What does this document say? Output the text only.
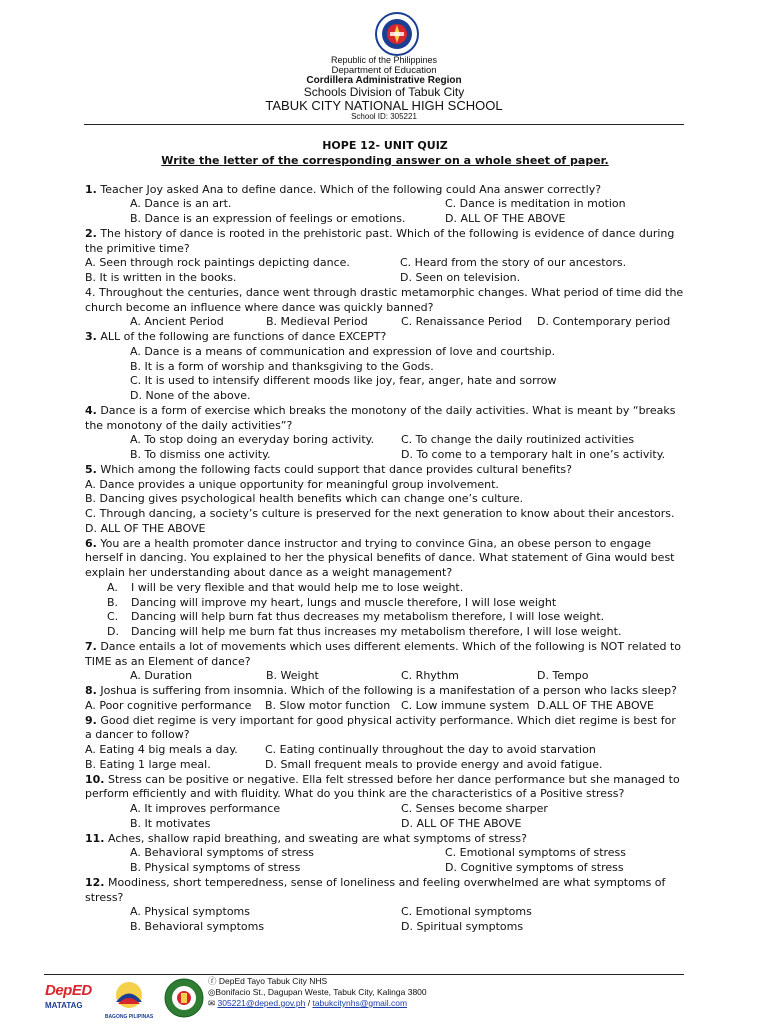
Republic of the Philippines
Department of Education
Cordillera Administrative Region
Schools Division of Tabuk City
TABUK CITY NATIONAL HIGH SCHOOL
School ID: 305221

HOPE 12- UNIT QUIZ

Write the letter of the corresponding answer on a whole sheet of paper.

1. Teacher Joy asked Ana to define dance. Which of the following could Ana answer correctly?

A. Dance is an art.	C. Dance is meditation in motion
B. Dance is an expression of feelings or emotions.	D. ALL OF THE ABOVE

2. The history of dance is rooted in the prehistoric past. Which of the following is evidence of dance during the primitive time?

A. Seen through rock paintings depicting dance.	C. Heard from the story of our ancestors.
B. It is written in the books.	D. Seen on television.

4. Throughout the centuries, dance went through drastic metamorphic changes. What period of time did the church become an influence where dance was quickly banned?

A. Ancient Period	B. Medieval Period	C. Renaissance Period	D. Contemporary period

3. ALL of the following are functions of dance EXCEPT?

A. Dance is a means of communication and expression of love and courtship.

B. It is a form of worship and thanksgiving to the Gods.

C. It is used to intensify different moods like joy, fear, anger, hate and sorrow

D. None of the above.

4. Dance is a form of exercise which breaks the monotony of the daily activities. What is meant by “breaks the monotony of the daily activities”?

A. To stop doing an everyday boring activity.	C. To change the daily routinized activities
B. To dismiss one activity.	D. To come to a temporary halt in one’s activity.

5. Which among the following facts could support that dance provides cultural benefits?

A. Dance provides a unique opportunity for meaningful group involvement.

B. Dancing gives psychological health benefits which can change one’s culture.

C. Through dancing, a society’s culture is preserved for the next generation to know about their ancestors.

D. ALL OF THE ABOVE

6. You are a health promoter dance instructor and trying to convince Gina, an obese person to engage herself in dancing. You explained to her the physical benefits of dance. What statement of Gina would best explain her understanding about dance as a weight management?

A. I will be very flexible and that would help me to lose weight.

B. Dancing will improve my heart, lungs and muscle therefore, I will lose weight

C. Dancing will help burn fat thus decreases my metabolism therefore, I will lose weight.

D. Dancing will help me burn fat thus increases my metabolism therefore, I will lose weight.

7. Dance entails a lot of movements which uses different elements. Which of the following is NOT related to TIME as an Element of dance?

A. Duration	B. Weight	C. Rhythm	D. Tempo

8. Joshua is suffering from insomnia. Which of the following is a manifestation of a person who lacks sleep?

A. Poor cognitive performance	B. Slow motor function C. Low immune system D.ALL OF THE ABOVE

9. Good diet regime is very important for good physical activity performance. Which diet regime is best for a dancer to follow?

A. Eating 4 big meals a day.	C. Eating continually throughout the day to avoid starvation
B. Eating 1 large meal.	D. Small frequent meals to provide energy and avoid fatigue.

10. Stress can be positive or negative. Ella felt stressed before her dance performance but she managed to perform efficiently and with fluidity. What do you think are the characteristics of a Positive stress?

A. It improves performance	C. Senses become sharper
B. It motivates	D. ALL OF THE ABOVE

11. Aches, shallow rapid breathing, and sweating are what symptoms of stress?

A. Behavioral symptoms of stress	C. Emotional symptoms of stress
B. Physical symptoms of stress	D. Cognitive symptoms of stress

12. Moodiness, short temperedness, sense of loneliness and feeling overwhelmed are what symptoms of stress?

A. Physical symptoms	C. Emotional symptoms
B. Behavioral symptoms	D. Spiritual symptoms
DepED
MATATAG
BAGONG PILIPINAS
ⓕ DepEd Tayo Tabuk City NHS
◎Bonifacio St., Dagupan Weste, Tabuk City, Kalinga 3800
✉ 305221@deped.gov.ph / tabukcitynhs@gmail.com
